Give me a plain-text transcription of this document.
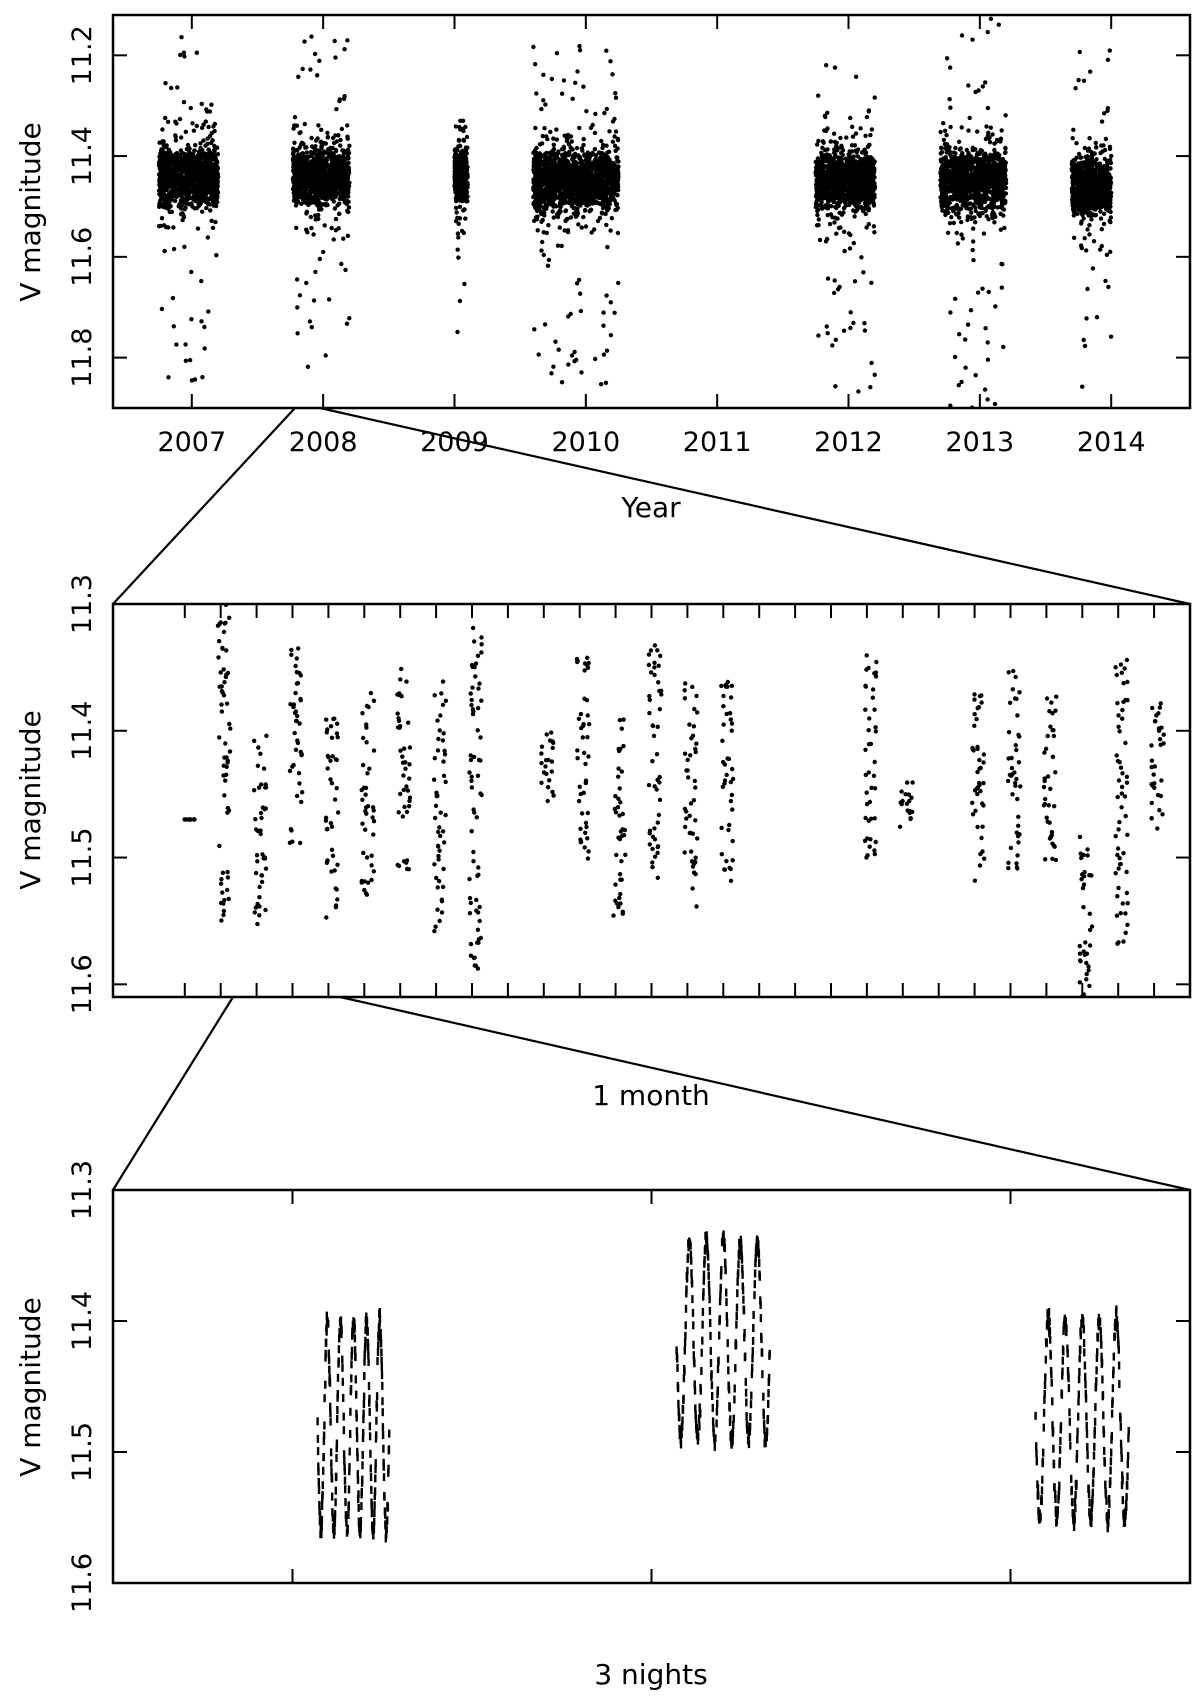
2007 2008 2009 2010 2011 2012 2013 2014
11.2
11.4
11.6
11.8
Year
V magnitude
11.3
11.4
11.5
11.6
1 month
V magnitude
11.3
11.4
11.5
11.6
3 nights
V magnitude
